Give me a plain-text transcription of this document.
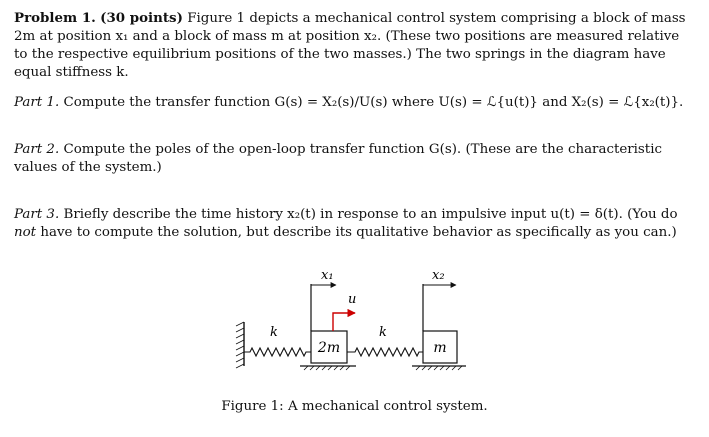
Problem 1. (30 points) Figure 1 depicts a mechanical control system comprising a block of mass 2m at position x₁ and a block of mass m at position x₂. (These two positions are measured relative to the respective equilibrium positions of the two masses.) The two springs in the diagram have equal stiffness k.

Part 1. Compute the transfer function G(s) = X₂(s)/U(s) where U(s) = ℒ{u(t)} and X₂(s) = ℒ{x₂(t)}.

Part 2. Compute the poles of the open-loop transfer function G(s). (These are the characteristic values of the system.)

Part 3. Briefly describe the time history x₂(t) in response to an impulsive input u(t) = δ(t). (You do not have to compute the solution, but describe its qualitative behavior as specifically as you can.)

k
2m
x₁
u
k
m
x₂

Figure 1: A mechanical control system.
